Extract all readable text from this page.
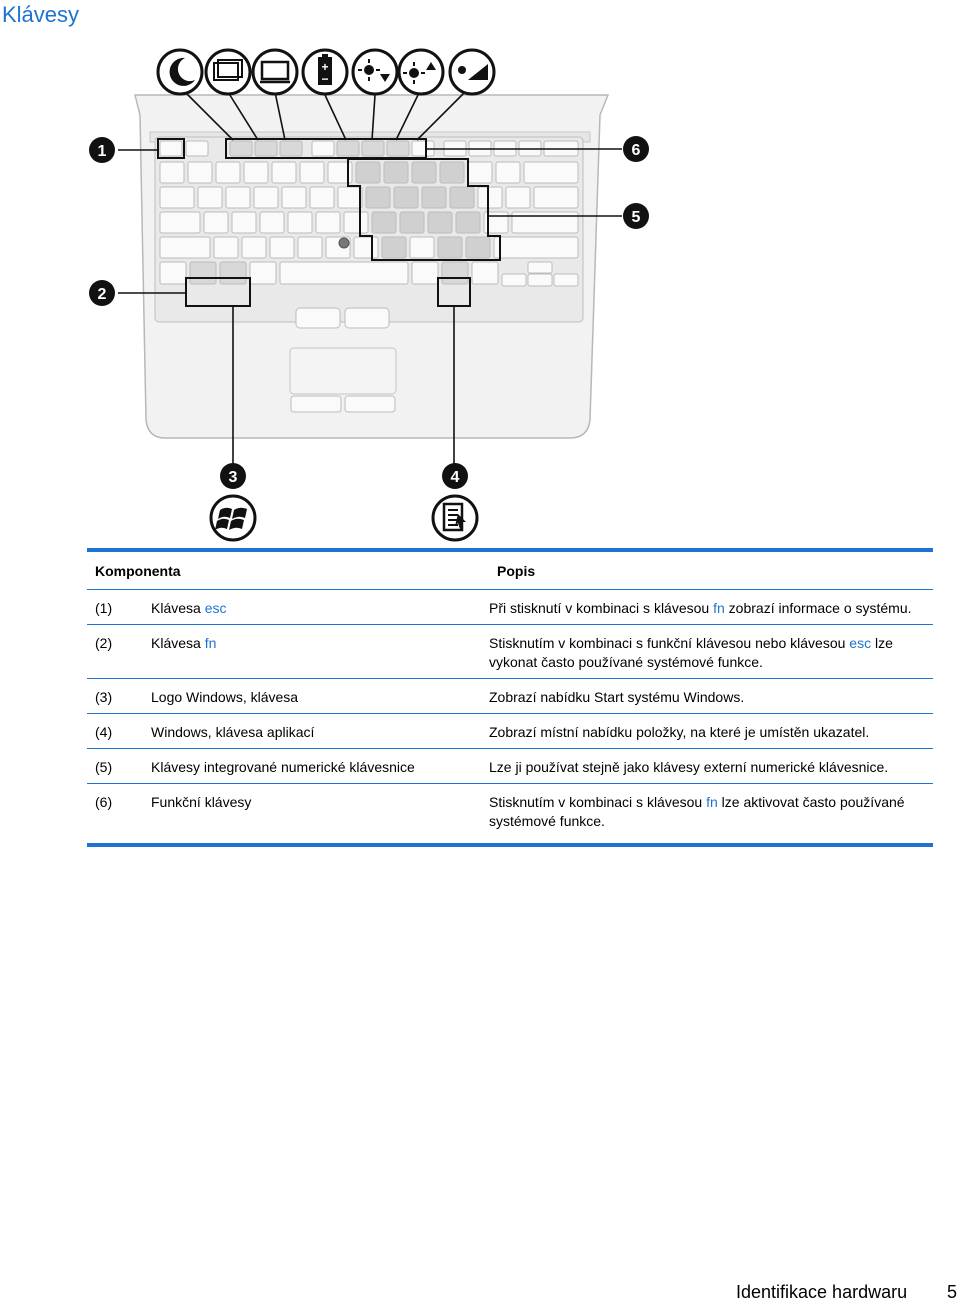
Klávesy
+
−
1
2
3	4
5
6
Komponenta	Popis
(1)	Klávesa esc	Při stisknutí v kombinaci s klávesou fn zobrazí informace o systému.
(2)	Klávesa fn	Stisknutím v kombinaci s funkční klávesou nebo klávesou esc lze vykonat často používané systémové funkce.
(3)	Logo Windows, klávesa	Zobrazí nabídku Start systému Windows.
(4)	Windows, klávesa aplikací	Zobrazí místní nabídku položky, na které je umístěn ukazatel.
(5)	Klávesy integrované numerické klávesnice	Lze ji používat stejně jako klávesy externí numerické klávesnice.
(6)	Funkční klávesy	Stisknutím v kombinaci s klávesou fn lze aktivovat často používané systémové funkce.
Identifikace hardwaru 5
